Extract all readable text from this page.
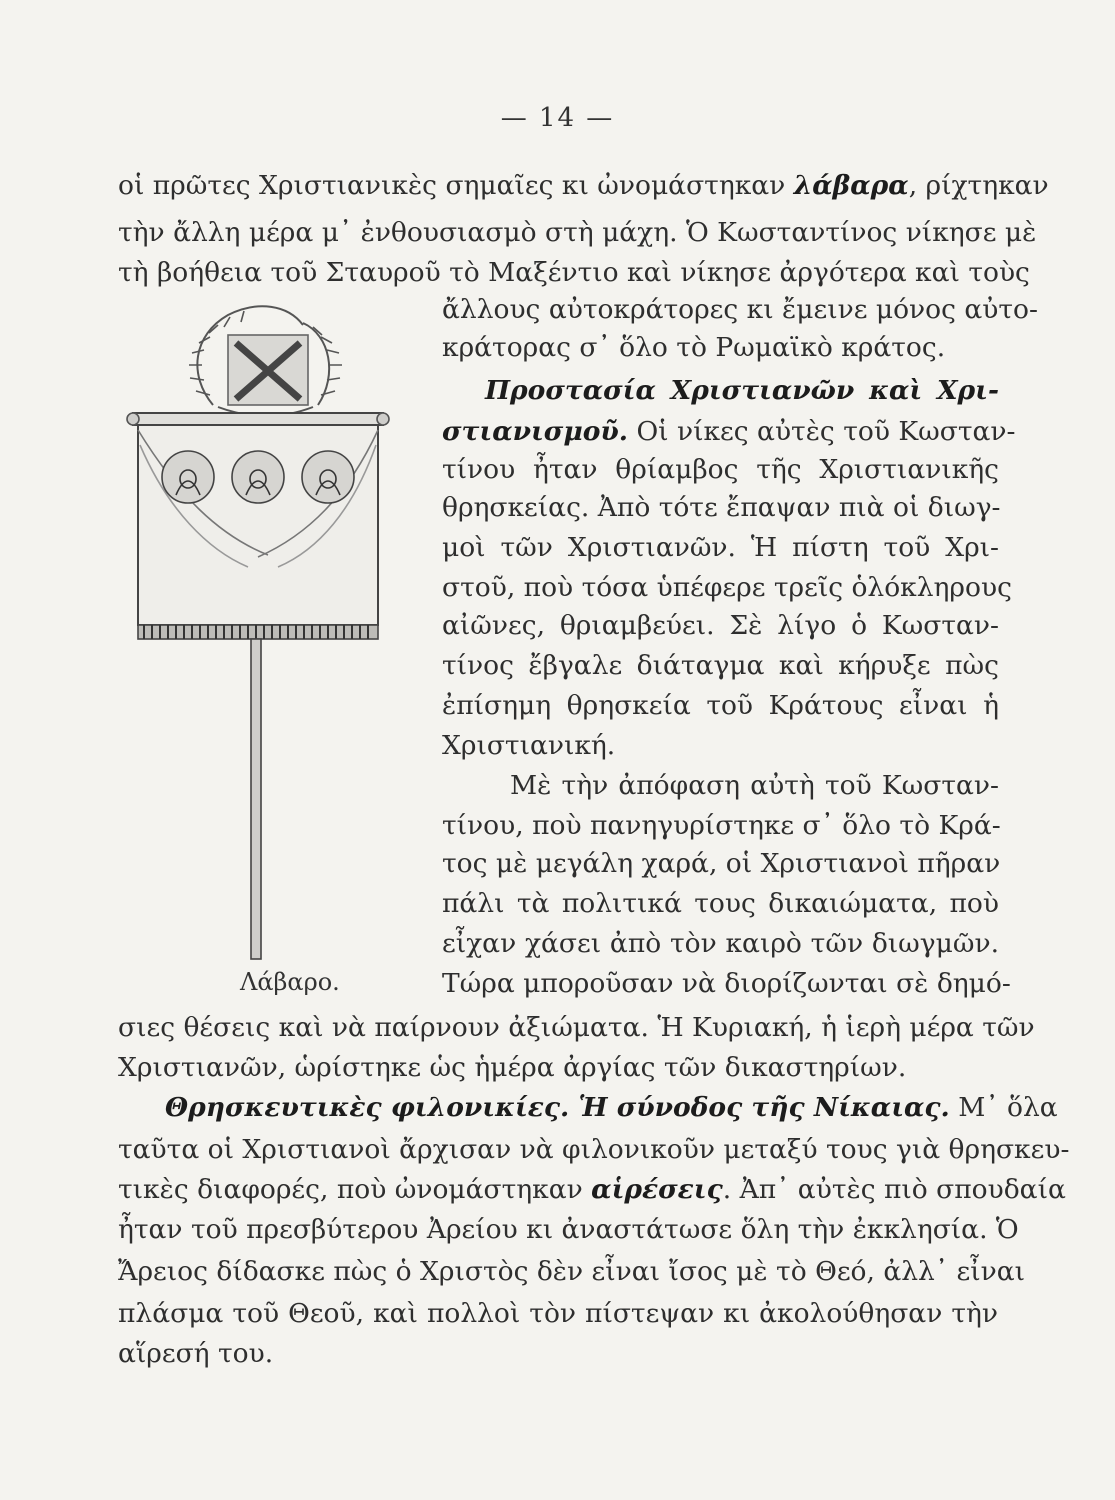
— 14 —
οἱ πρῶτες Χριστιανικὲς σημαῖες κι ὠνομάστηκαν λάβαρα, ρίχτηκαν
τὴν ἄλλη μέρα μ᾽ ἐνθουσιασμὸ στὴ μάχη. Ὁ Κωσταντίνος νίκησε μὲ
τὴ βοήθεια τοῦ Σταυροῦ τὸ Μαξέντιο καὶ νίκησε ἀργότερα καὶ τοὺς
ἄλλους αὐτοκράτορες κι ἔμεινε μόνος αὐτο-
κράτορας σ᾽ ὅλο τὸ Ρωμαϊκὸ κράτος.
Προστασία Χριστιανῶν καὶ Χρι-
στιανισμοῦ. Οἱ νίκες αὐτὲς τοῦ Κωσταν-
τίνου ἦταν θρίαμβος τῆς Χριστιανικῆς
θρησκείας. Ἀπὸ τότε ἔπαψαν πιὰ οἱ διωγ-
μοὶ τῶν Χριστιανῶν. Ἡ πίστη τοῦ Χρι-
στοῦ, ποὺ τόσα ὑπέφερε τρεῖς ὁλόκληρους
αἰῶνες, θριαμβεύει. Σὲ λίγο ὁ Κωσταν-
τίνος ἔβγαλε διάταγμα καὶ κήρυξε πὼς
ἐπίσημη θρησκεία τοῦ Κράτους εἶναι ἡ
Χριστιανική.
Μὲ τὴν ἀπόφαση αὐτὴ τοῦ Κωσταν-
τίνου, ποὺ πανηγυρίστηκε σ᾽ ὅλο τὸ Κρά-
τος μὲ μεγάλη χαρά, οἱ Χριστιανοὶ πῆραν
πάλι τὰ πολιτικά τους δικαιώματα, ποὺ
εἶχαν χάσει ἀπὸ τὸν καιρὸ τῶν διωγμῶν.
Τώρα μποροῦσαν νὰ διορίζωνται σὲ δημό-
σιες θέσεις καὶ νὰ παίρνουν ἀξιώματα. Ἡ Κυριακή, ἡ ἱερὴ μέρα τῶν
Χριστιανῶν, ὡρίστηκε ὡς ἡμέρα ἀργίας τῶν δικαστηρίων.
Θρησκευτικὲς φιλονικίες. Ἡ σύνοδος τῆς Νίκαιας. Μ᾽ ὅλα
ταῦτα οἱ Χριστιανοὶ ἄρχισαν νὰ φιλονικοῦν μεταξύ τους γιὰ θρησκευ-
τικὲς διαφορές, ποὺ ὠνομάστηκαν αἱρέσεις. Ἀπ᾽ αὐτὲς πιὸ σπουδαία
ἦταν τοῦ πρεσβύτερου Ἀρείου κι ἀναστάτωσε ὅλη τὴν ἐκκλησία. Ὁ
Ἄρειος δίδασκε πὼς ὁ Χριστὸς δὲν εἶναι ἴσος μὲ τὸ Θεό, ἀλλ᾽ εἶναι
πλάσμα τοῦ Θεοῦ, καὶ πολλοὶ τὸν πίστεψαν κι ἀκολούθησαν τὴν
αἵρεσή του.
Λάβαρο.
